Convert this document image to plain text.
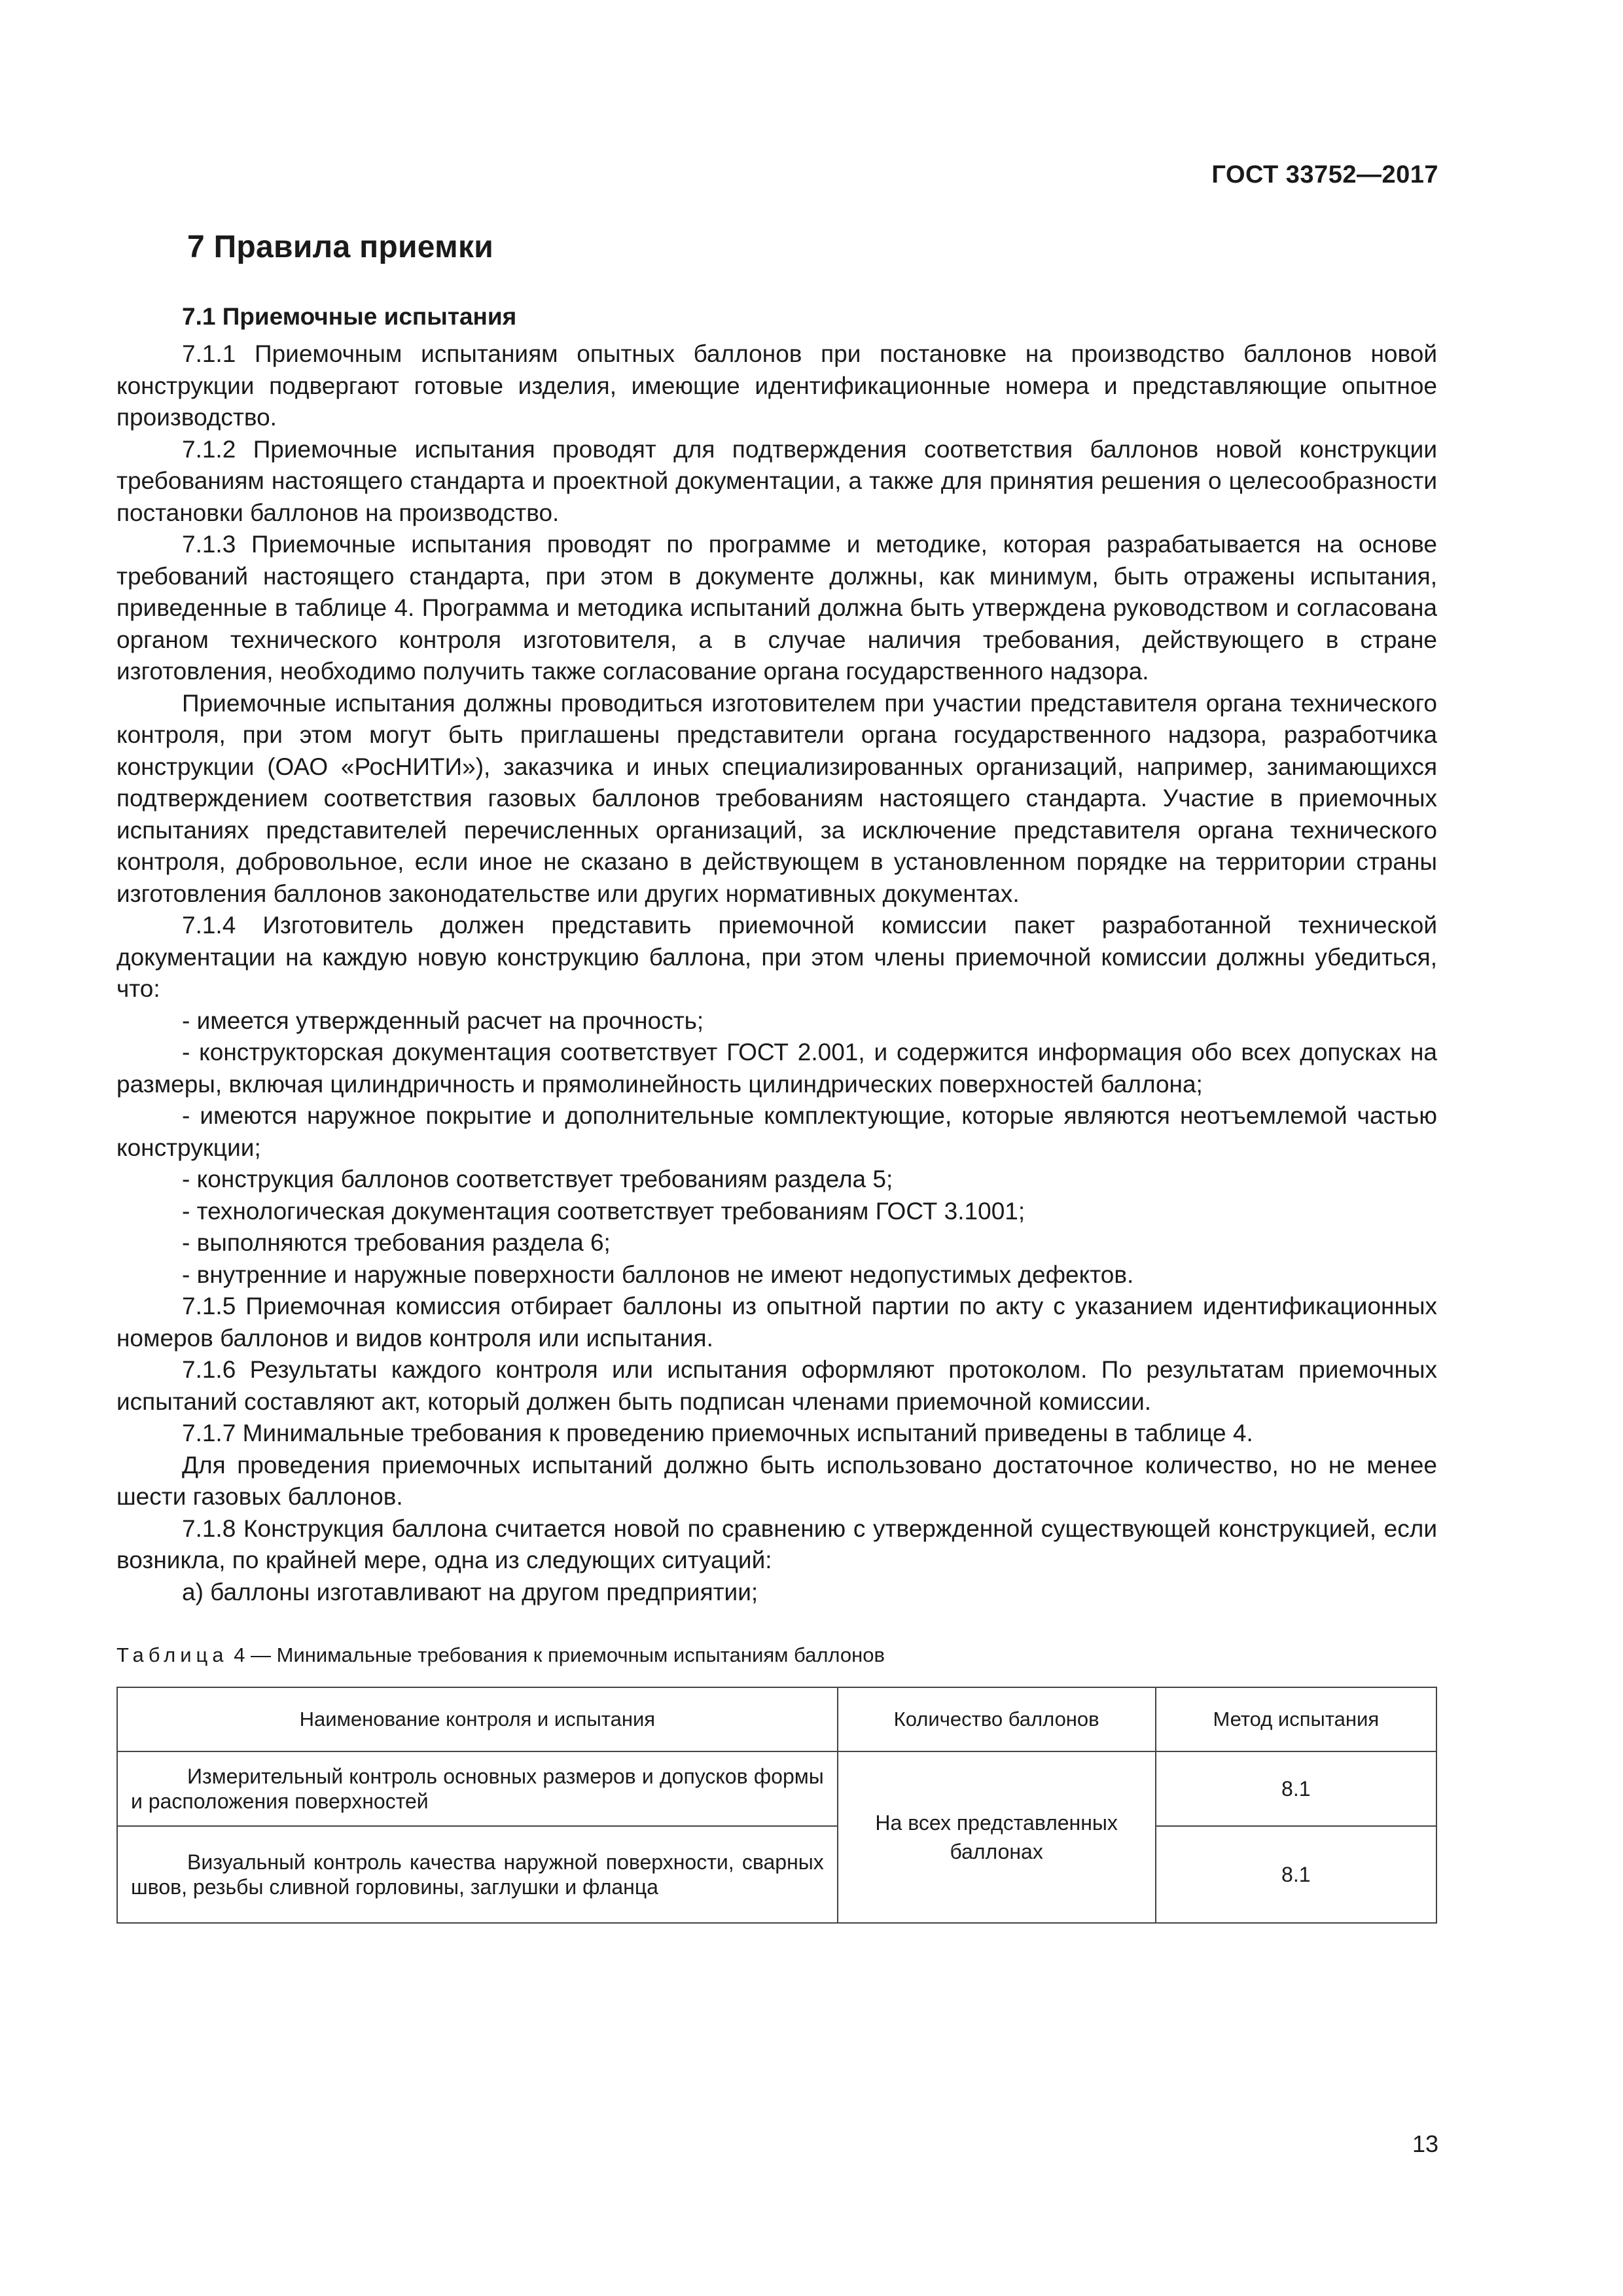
ГОСТ 33752—2017
7 Правила приемки
7.1 Приемочные испытания

7.1.1 Приемочным испытаниям опытных баллонов при постановке на производство баллонов новой конструкции подвергают готовые изделия, имеющие идентификационные номера и представляющие опытное производство.

7.1.2 Приемочные испытания проводят для подтверждения соответствия баллонов новой конструкции требованиям настоящего стандарта и проектной документации, а также для принятия решения о целесообразности постановки баллонов на производство.

7.1.3 Приемочные испытания проводят по программе и методике, которая разрабатывается на основе требований настоящего стандарта, при этом в документе должны, как минимум, быть отражены испытания, приведенные в таблице 4. Программа и методика испытаний должна быть утверждена руководством и согласована органом технического контроля изготовителя, а в случае наличия требования, действующего в стране изготовления, необходимо получить также согласование органа государственного надзора.

Приемочные испытания должны проводиться изготовителем при участии представителя органа технического контроля, при этом могут быть приглашены представители органа государственного надзора, разработчика конструкции (ОАО «РосНИТИ»), заказчика и иных специализированных организаций, например, занимающихся подтверждением соответствия газовых баллонов требованиям настоящего стандарта. Участие в приемочных испытаниях представителей перечисленных организаций, за исключение представителя органа технического контроля, добровольное, если иное не сказано в действующем в установленном порядке на территории страны изготовления баллонов законодательстве или других нормативных документах.

7.1.4 Изготовитель должен представить приемочной комиссии пакет разработанной технической документации на каждую новую конструкцию баллона, при этом члены приемочной комиссии должны убедиться, что:

- имеется утвержденный расчет на прочность;

- конструкторская документация соответствует ГОСТ 2.001, и содержится информация обо всех допусках на размеры, включая цилиндричность и прямолинейность цилиндрических поверхностей баллона;

- имеются наружное покрытие и дополнительные комплектующие, которые являются неотъемлемой частью конструкции;

- конструкция баллонов соответствует требованиям раздела 5;

- технологическая документация соответствует требованиям ГОСТ 3.1001;

- выполняются требования раздела 6;

- внутренние и наружные поверхности баллонов не имеют недопустимых дефектов.

7.1.5 Приемочная комиссия отбирает баллоны из опытной партии по акту с указанием идентификационных номеров баллонов и видов контроля или испытания.

7.1.6 Результаты каждого контроля или испытания оформляют протоколом. По результатам приемочных испытаний составляют акт, который должен быть подписан членами приемочной комиссии.

7.1.7 Минимальные требования к проведению приемочных испытаний приведены в таблице 4.

Для проведения приемочных испытаний должно быть использовано достаточное количество, но не менее шести газовых баллонов.

7.1.8 Конструкция баллона считается новой по сравнению с утвержденной существующей конструкцией, если возникла, по крайней мере, одна из следующих ситуаций:

а) баллоны изготавливают на другом предприятии;

Таблица 4 — Минимальные требования к приемочным испытаниям баллонов
Наименование контроля и испытания	Количество баллонов	Метод испытания
Измерительный контроль основных размеров и допусков формы и расположения поверхностей	На всех представленных баллонах	8.1
Визуальный контроль качества наружной поверхности, сварных швов, резьбы сливной горловины, заглушки и фланца		8.1
13
